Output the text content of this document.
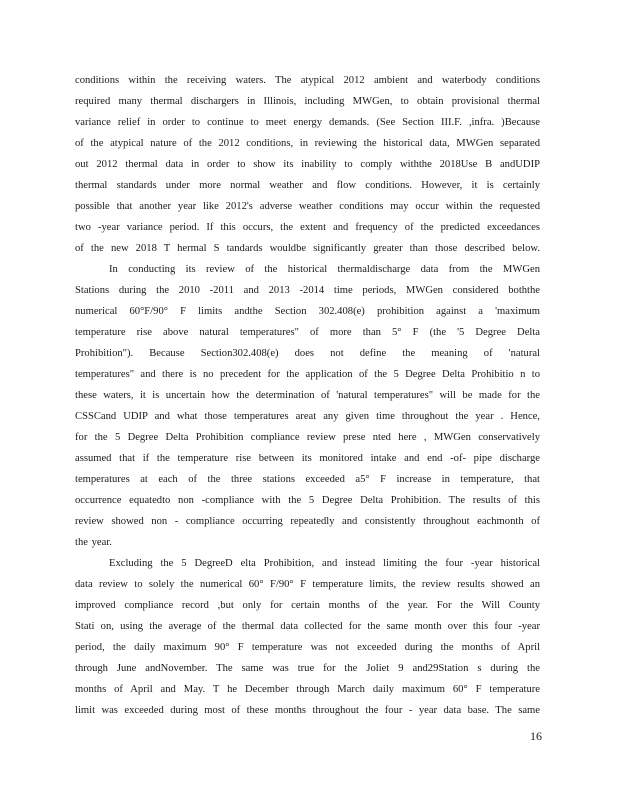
conditions within the receiving waters. The atypical 2012 ambient and waterbody conditions
required many thermal dischargers in Illinois, including MWGen, to obtain provisional thermal
variance relief in order to continue to meet energy demands. (See Section III.F. ,infra. )Because
of the atypical nature of the 2012 conditions, in reviewing the historical data, MWGen separated
out 2012 thermal data in order to show its inability to comply withthe 2018Use B andUDIP
thermal standards under more normal weather and flow conditions. However, it is certainly
possible that another year like 2012's adverse weather conditions may occur within the requested
two -year variance period. If this occurs, the extent and frequency of the predicted exceedances
of the new 2018 T hermal S tandards wouldbe significantly greater than those described below.
In conducting its review of the historical thermaldischarge data from the MWGen
Stations during the 2010 -2011 and 2013 -2014 time periods, MWGen considered boththe
numerical 60°F/90° F limits andthe Section 302.408(e) prohibition against a 'maximum
temperature rise above natural temperatures" of more than 5° F (the '5 Degree Delta
Prohibition"). Because Section302.408(e) does not define the meaning of 'natural
temperatures" and there is no precedent for the application of the 5 Degree Delta Prohibitio n to
these waters, it is uncertain how the determination of 'natural temperatures" will be made for the
CSSCand UDIP and what those temperatures areat any given time throughout the year . Hence,
for the 5 Degree Delta Prohibition compliance review prese nted here , MWGen conservatively
assumed that if the temperature rise between its monitored intake and end -of- pipe discharge
temperatures at each of the three stations exceeded a5° F increase in temperature, that
occurrence equatedto non -compliance with the 5 Degree Delta Prohibition. The results of this
review showed non - compliance occurring repeatedly and consistently throughout eachmonth of
the year.
Excluding the 5 DegreeD elta Prohibition, and instead limiting the four -year historical
data review to solely the numerical 60° F/90° F temperature limits, the review results showed an
improved compliance record ,but only for certain months of the year. For the Will County
Stati on, using the average of the thermal data collected for the same month over this four -year
period, the daily maximum 90° F temperature was not exceeded during the months of April
through June andNovember. The same was true for the Joliet 9 and29Station s during the
months of April and May. T he December through March daily maximum 60° F temperature
limit was exceeded during most of these months throughout the four - year data base. The same
16
